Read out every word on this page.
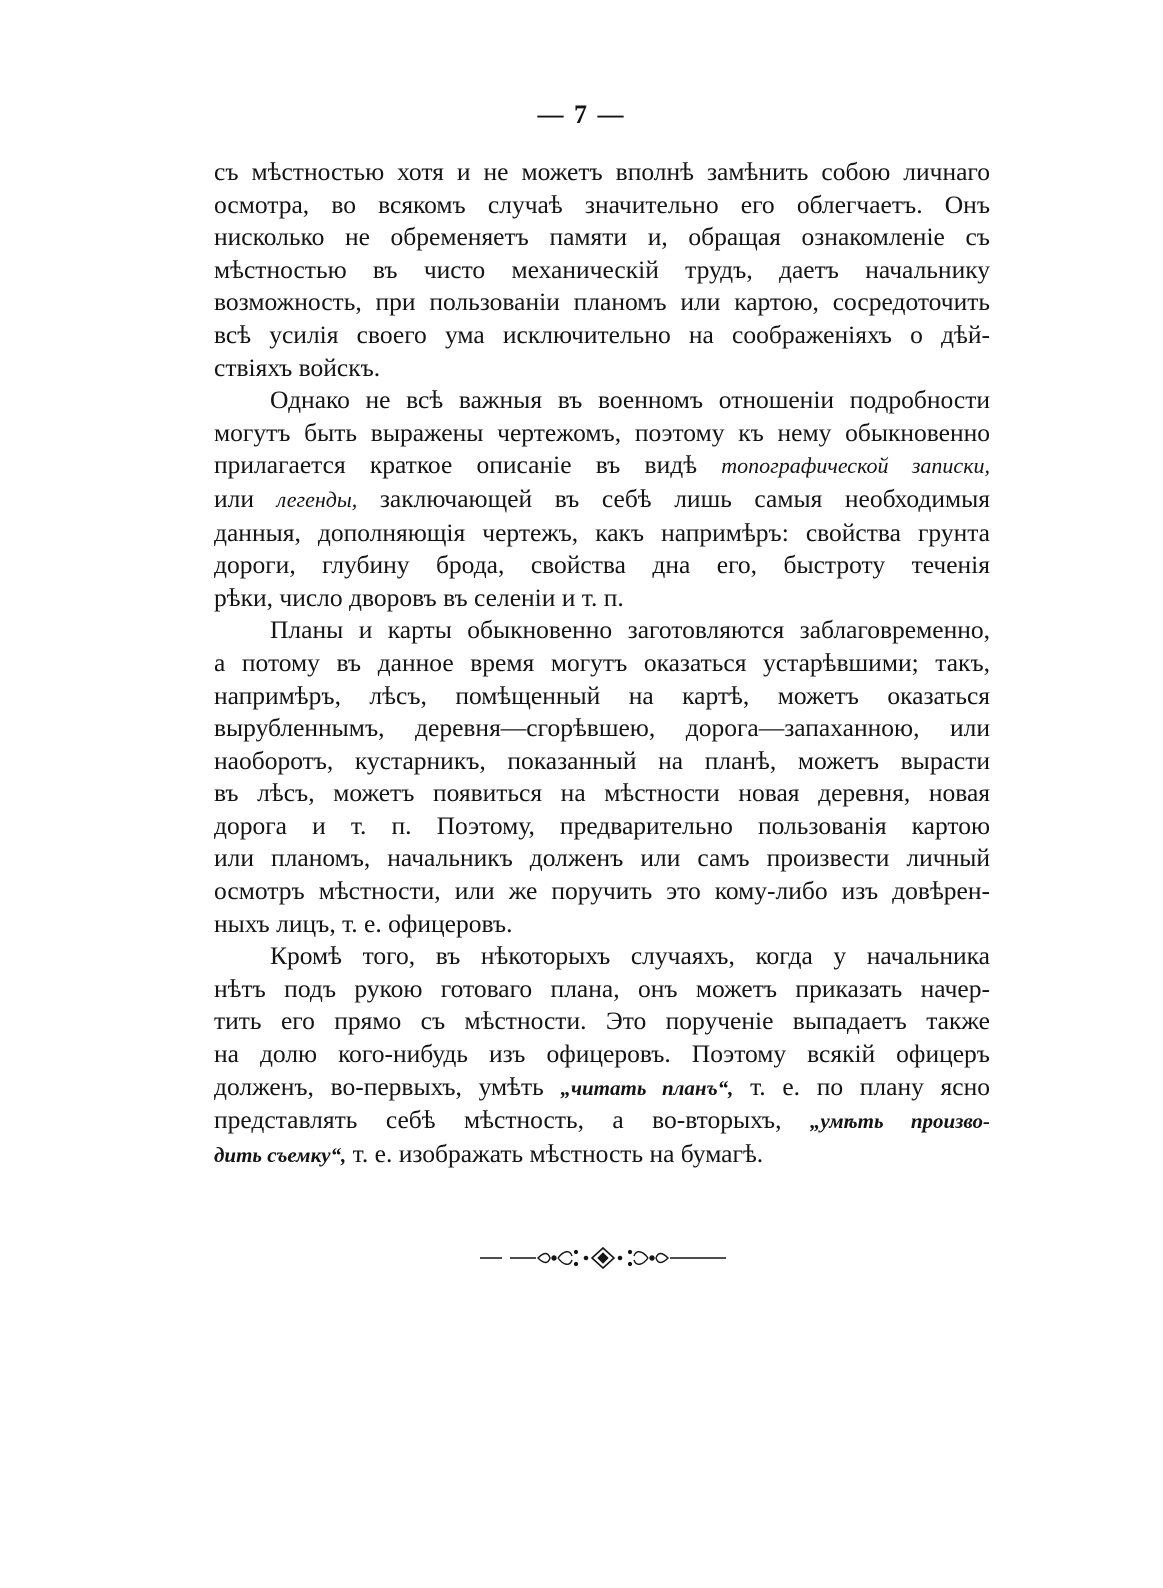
— 7 —

съ мѣстностью хотя и не можетъ вполнѣ замѣнить собою личнаго
осмотра, во всякомъ случаѣ значительно его облегчаетъ. Онъ
нисколько не обременяетъ памяти и, обращая ознакомленіе съ
мѣстностью въ чисто механическій трудъ, даетъ начальнику
возможность, при пользованіи планомъ или картою, сосредоточить
всѣ усилія своего ума исключительно на соображеніяхъ о дѣй-
ствіяхъ войскъ.

Однако не всѣ важныя въ военномъ отношеніи подробности
могутъ быть выражены чертежомъ, поэтому къ нему обыкновенно
прилагается краткое описаніе въ видѣ топографической записки,
или легенды, заключающей въ себѣ лишь самыя необходимыя
данныя, дополняющія чертежъ, какъ напримѣръ: свойства грунта
дороги, глубину брода, свойства дна его, быстроту теченія
рѣки, число дворовъ въ селеніи и т. п.

Планы и карты обыкновенно заготовляются заблаговременно,
а потому въ данное время могутъ оказаться устарѣвшими; такъ,
напримѣръ, лѣсъ, помѣщенный на картѣ, можетъ оказаться
вырубленнымъ, деревня—сгорѣвшею, дорога—запаханною, или
наоборотъ, кустарникъ, показанный на планѣ, можетъ вырасти
въ лѣсъ, можетъ появиться на мѣстности новая деревня, новая
дорога и т. п. Поэтому, предварительно пользованія картою
или планомъ, начальникъ долженъ или самъ произвести личный
осмотръ мѣстности, или же поручить это кому-либо изъ довѣрен-
ныхъ лицъ, т. е. офицеровъ.

Кромѣ того, въ нѣкоторыхъ случаяхъ, когда у начальника
нѣтъ подъ рукою готоваго плана, онъ можетъ приказать начер-
тить его прямо съ мѣстности. Это порученіе выпадаетъ также
на долю кого-нибудь изъ офицеровъ. Поэтому всякій офицеръ
долженъ, во-первыхъ, умѣть „читать планъ“, т. е. по плану ясно
представлять себѣ мѣстность, а во-вторыхъ, „умѣть произво-
дить съемку“, т. е. изображать мѣстность на бумагѣ.
